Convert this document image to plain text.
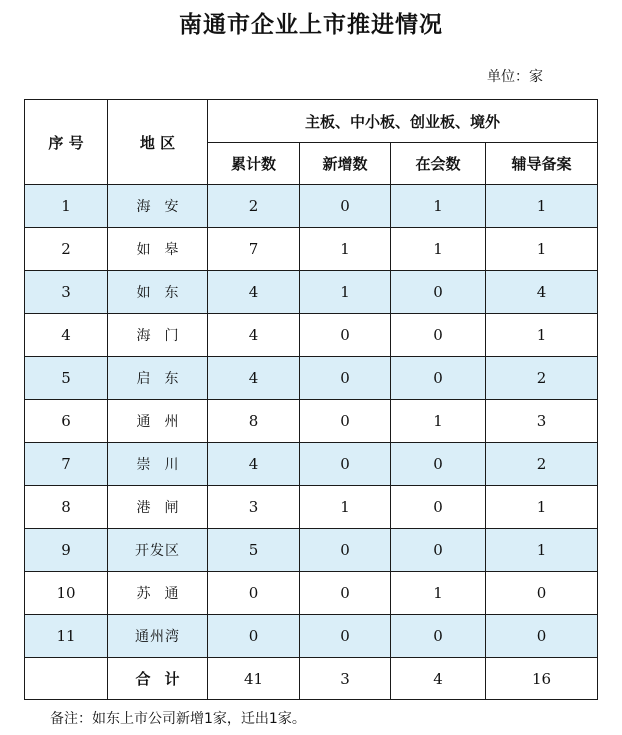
南通市企业上市推进情况
单位：家
序 号	地 区	主板、中小板、创业板、境外			
		累计数	新增数	在会数	辅导备案
1	海安	2	0	1	1
2	如皋	7	1	1	1
3	如东	4	1	0	4
4	海门	4	0	0	1
5	启东	4	0	0	2
6	通州	8	0	1	3
7	崇川	4	0	0	2
8	港闸	3	1	0	1
9	开发区	5	0	0	1
10	苏通	0	0	1	0
11	通州湾	0	0	0	0
	合计	41	3	4	16
备注：如东上市公司新增1家，迁出1家。
